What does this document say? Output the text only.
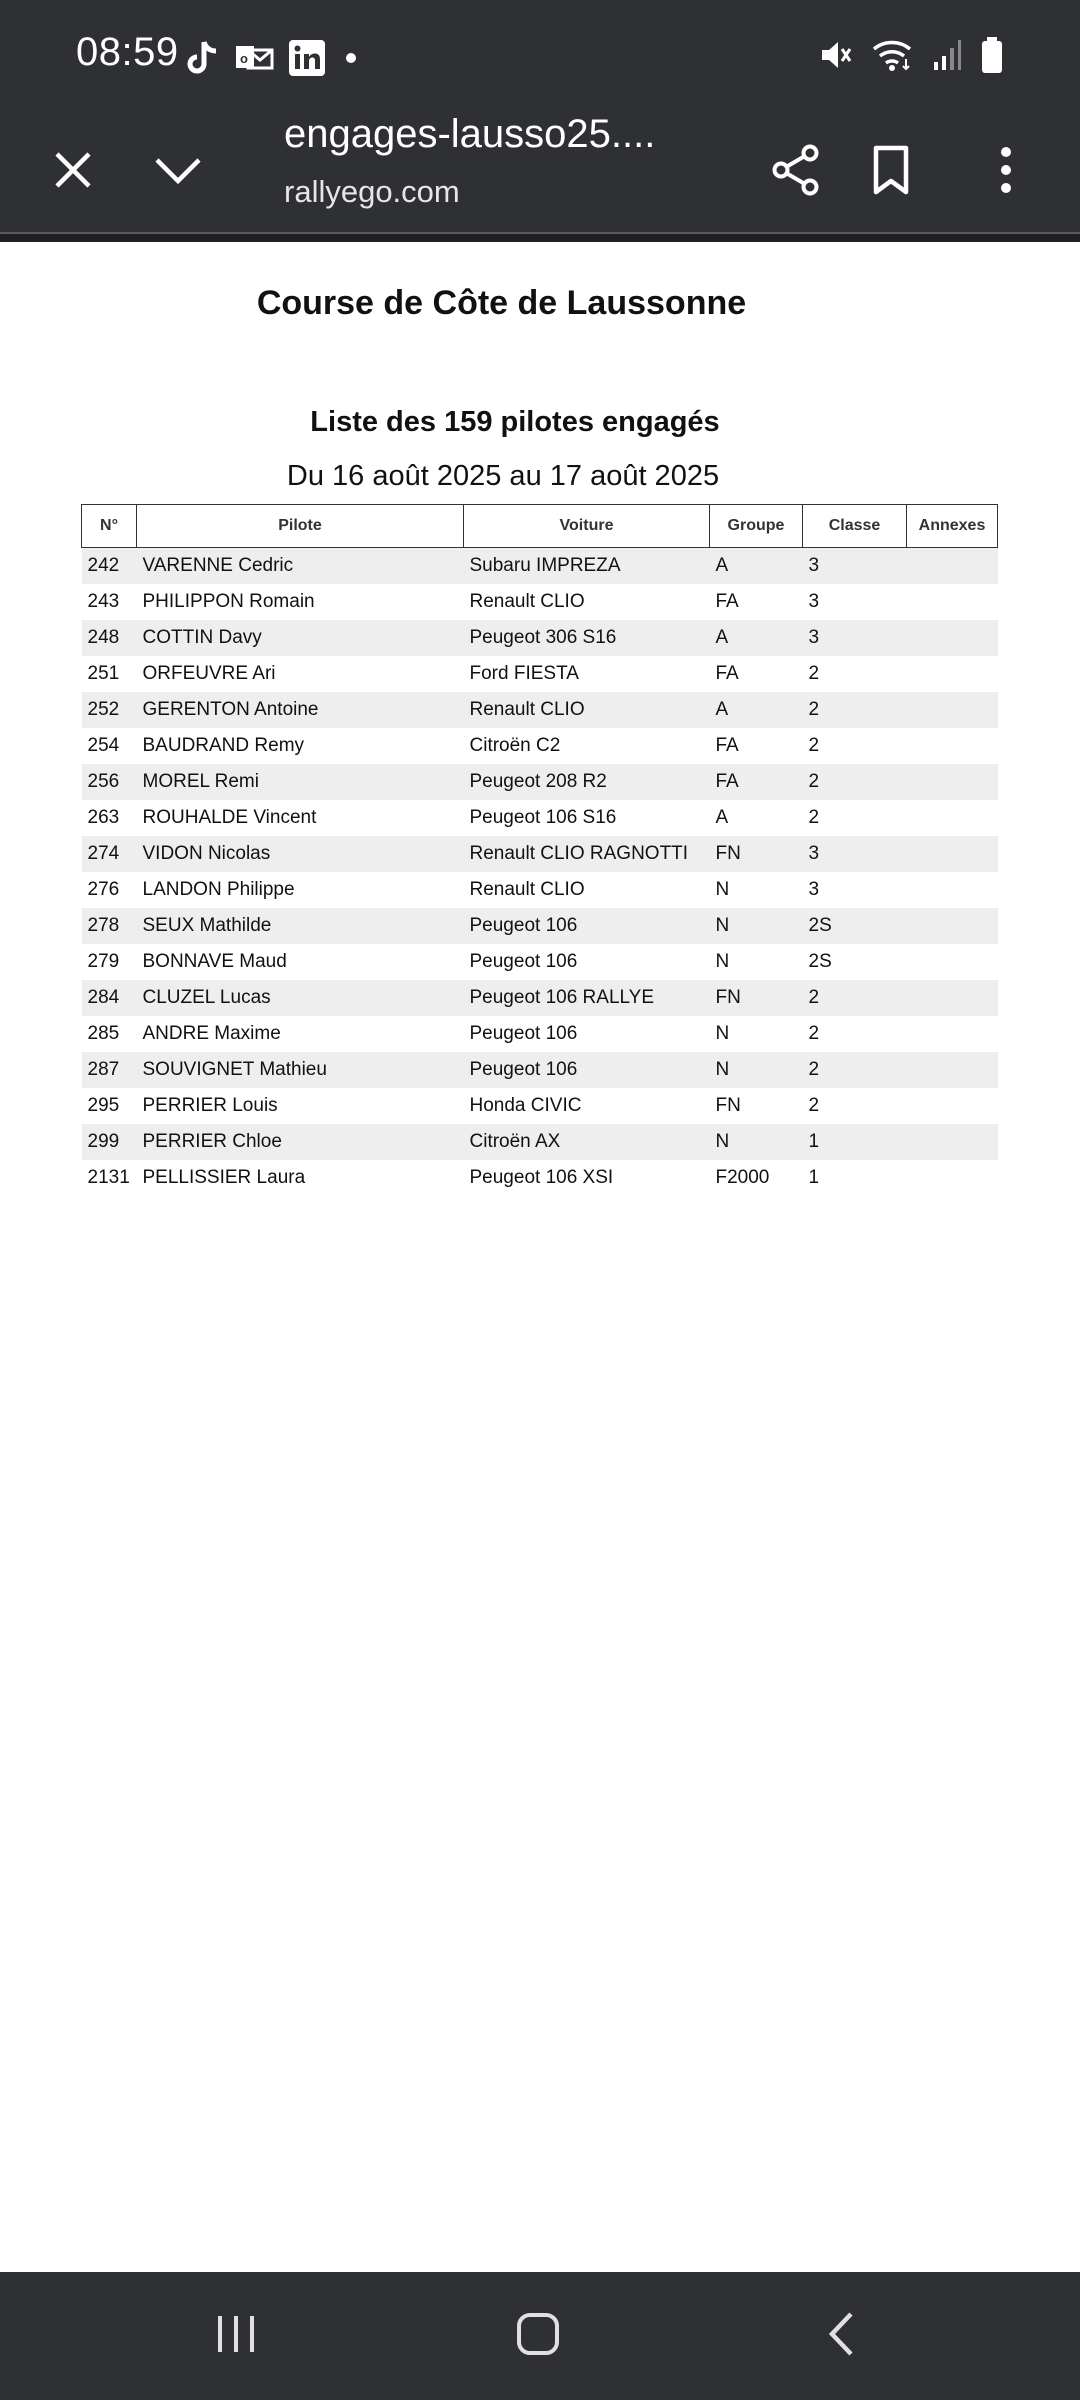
08:59	o
engages-lausso25....
rallyego.com
Course de Côte de Laussonne
Liste des 159 pilotes engagés
Du 16 août 2025 au 17 août 2025
N°	Pilote	Voiture	Groupe	Classe	Annexes
242	VARENNE Cedric	Subaru IMPREZA	A	3	
243	PHILIPPON Romain	Renault CLIO	FA	3	
248	COTTIN Davy	Peugeot 306 S16	A	3	
251	ORFEUVRE Ari	Ford FIESTA	FA	2	
252	GERENTON Antoine	Renault CLIO	A	2	
254	BAUDRAND Remy	Citroën C2	FA	2	
256	MOREL Remi	Peugeot 208 R2	FA	2	
263	ROUHALDE Vincent	Peugeot 106 S16	A	2	
274	VIDON Nicolas	Renault CLIO RAGNOTTI	FN	3	
276	LANDON Philippe	Renault CLIO	N	3	
278	SEUX Mathilde	Peugeot 106	N	2S	
279	BONNAVE Maud	Peugeot 106	N	2S	
284	CLUZEL Lucas	Peugeot 106 RALLYE	FN	2	
285	ANDRE Maxime	Peugeot 106	N	2	
287	SOUVIGNET Mathieu	Peugeot 106	N	2	
295	PERRIER Louis	Honda CIVIC	FN	2	
299	PERRIER Chloe	Citroën AX	N	1	
2131	PELLISSIER Laura	Peugeot 106 XSI	F2000	1	
